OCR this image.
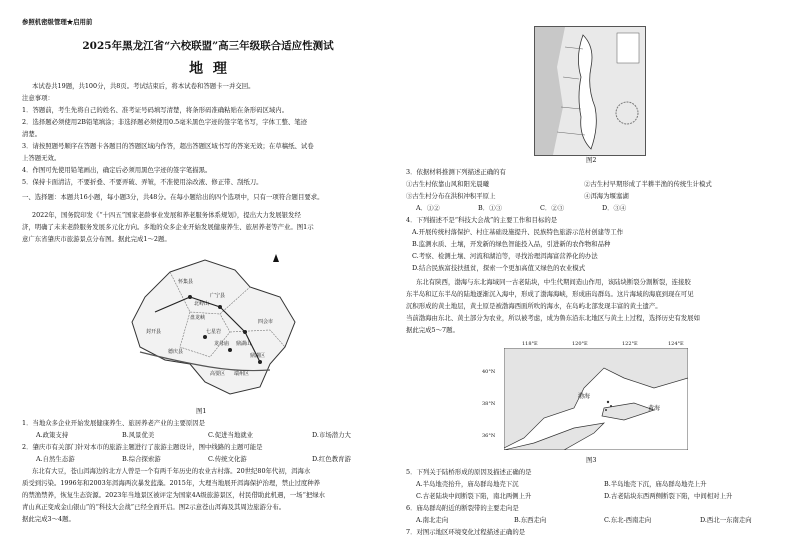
参照机密级管理★启用前
2025年黑龙江省“六校联盟”高三年级联合适应性测试
地  理
本试卷共19题，共100分，共8页。考试结束后，将本试卷和答题卡一并交回。
注意事项：
1．答题前，考生先将自己的姓名、准考证号码填写清楚，将条形码准确粘贴在条形码区域内。
2．选择题必须使用2B铅笔填涂；非选择题必须使用0.5毫米黑色字迹的签字笔书写，字体工整、笔迹
清楚。
3．请按照题号顺序在答题卡各题目的答题区域内作答，超出答题区域书写的答案无效；在草稿纸、试卷
上答题无效。
4．作图可先使用铅笔画出，确定后必须用黑色字迹的签字笔描黑。
5．保持卡面清洁，不要折叠、不要弄破、弄皱，不准使用涂改液、修正带、刮纸刀。
一、选择题：本题共16小题，每小题3分，共48分。在每小题给出的四个选项中，只有一项符合题目要求。
2022年，国务院印发《“十四五”国家老龄事业发展和养老服务体系规划》，提出大力发展银发经
济，明确了未来老龄服务发展多元化方向。多地的众多企业开始发展健康养生、旅居养老等产业。图1示
意广东省肇庆市旅游景点分布图。据此完成1～2题。
怀集县
广宁县
封开县
德庆县
四会市
高要区
鼎湖区
端州区
北岭山
七星岩
鼎湖山
盘龙峡
龙母庙
图1
1．当地众多企业开始发展健康养生、旅居养老产业的主要原因是
A.政策支持	B.风景优美	C.促进当地就业	D.市场潜力大
2．肇庆市有关部门针对本市的旅游主题进行了旅游主题设计，图中线路的主题可能是
A.自然生态游	B.综合探索游	C.传统文化游	D.红色教育游
东北有大豆，苍山洱海边的北方人曾是一个有两千年历史的农业古村落。20世纪80年代初，洱海水
质受到污染。1996年和2003年洱海两次暴发蓝藻。2015年，大理当地展开洱海保护治理，禁止过度种养
的禁渔禁养，恢复生态资源。2023年当地景区被评定为国家4A级旅游景区，村民借助此机遇，一场“把绿水
青山真正变成金山银山”的“科技大会战”已经全面开启。图2示意苍山洱海及其周边旅游分布。
据此完成3～4题。
图2
3．依据材料推测下列描述正确的有
①古生村依靠山风和阳光晨曦	②古生村早期形成了半耕半渔的传统生计模式
③古生村分布在洪积冲积平原上	④洱海为堰塞湖
A．①②	B．①③	C．②③	D．③④
4．下列描述不是“科技大会战”的主要工作和目标的是
A.开展传统村落保护、村庄基础设施提升、民族特色旅游示范村创建等工作
B.监测水质、土壤，开发新的绿色智能投入品，引进新的农作物和品种
C.考察、检测土壤、河流和湖泊等，寻找治理洱海富营养化的办法
D.结合民族富技扶扭贫，探索一个更加高值又绿色的农业模式
东北有陕西，渤海与东北海域同一古老陆块，中生代期间造山作用，该陆块断裂分割断裂，连接胶
东半岛和辽东半岛的陆地逐渐沉入海中，形成了渤海海峡，形成庙岛群岛。这片海域的海底到现在可见
沉积形成的黄土地层，黄土原是被渤海西面所吹的海水，在岛屿北部发现丰富的黄土遗产。
当前渤海由东北、黄土部分为农业，所以被考虑，成为鲁东沿东北地区与黄土上过程，选择历史有发展如
据此完成5～7题。
118°E	120°E	122°E	124°E
40°N
38°N
36°N
渤海
黄海
图3
5．下列关于陆桥形成的原因及描述正确的是
A.半岛地壳抬升，庙岛群岛地壳下沉	B.半岛地壳下沉，庙岛群岛地壳上升
C.古老陆块中间断裂下陷，南北两侧上升	D.古老陆块东西两侧断裂下陷，中间相对上升
6．庙岛群岛附近的断裂带的主要走向是
A.南北走向	B.东西走向	C.东北-西南走向	D.西北一东南走向
7．对图示地区环境变化过程描述正确的是
